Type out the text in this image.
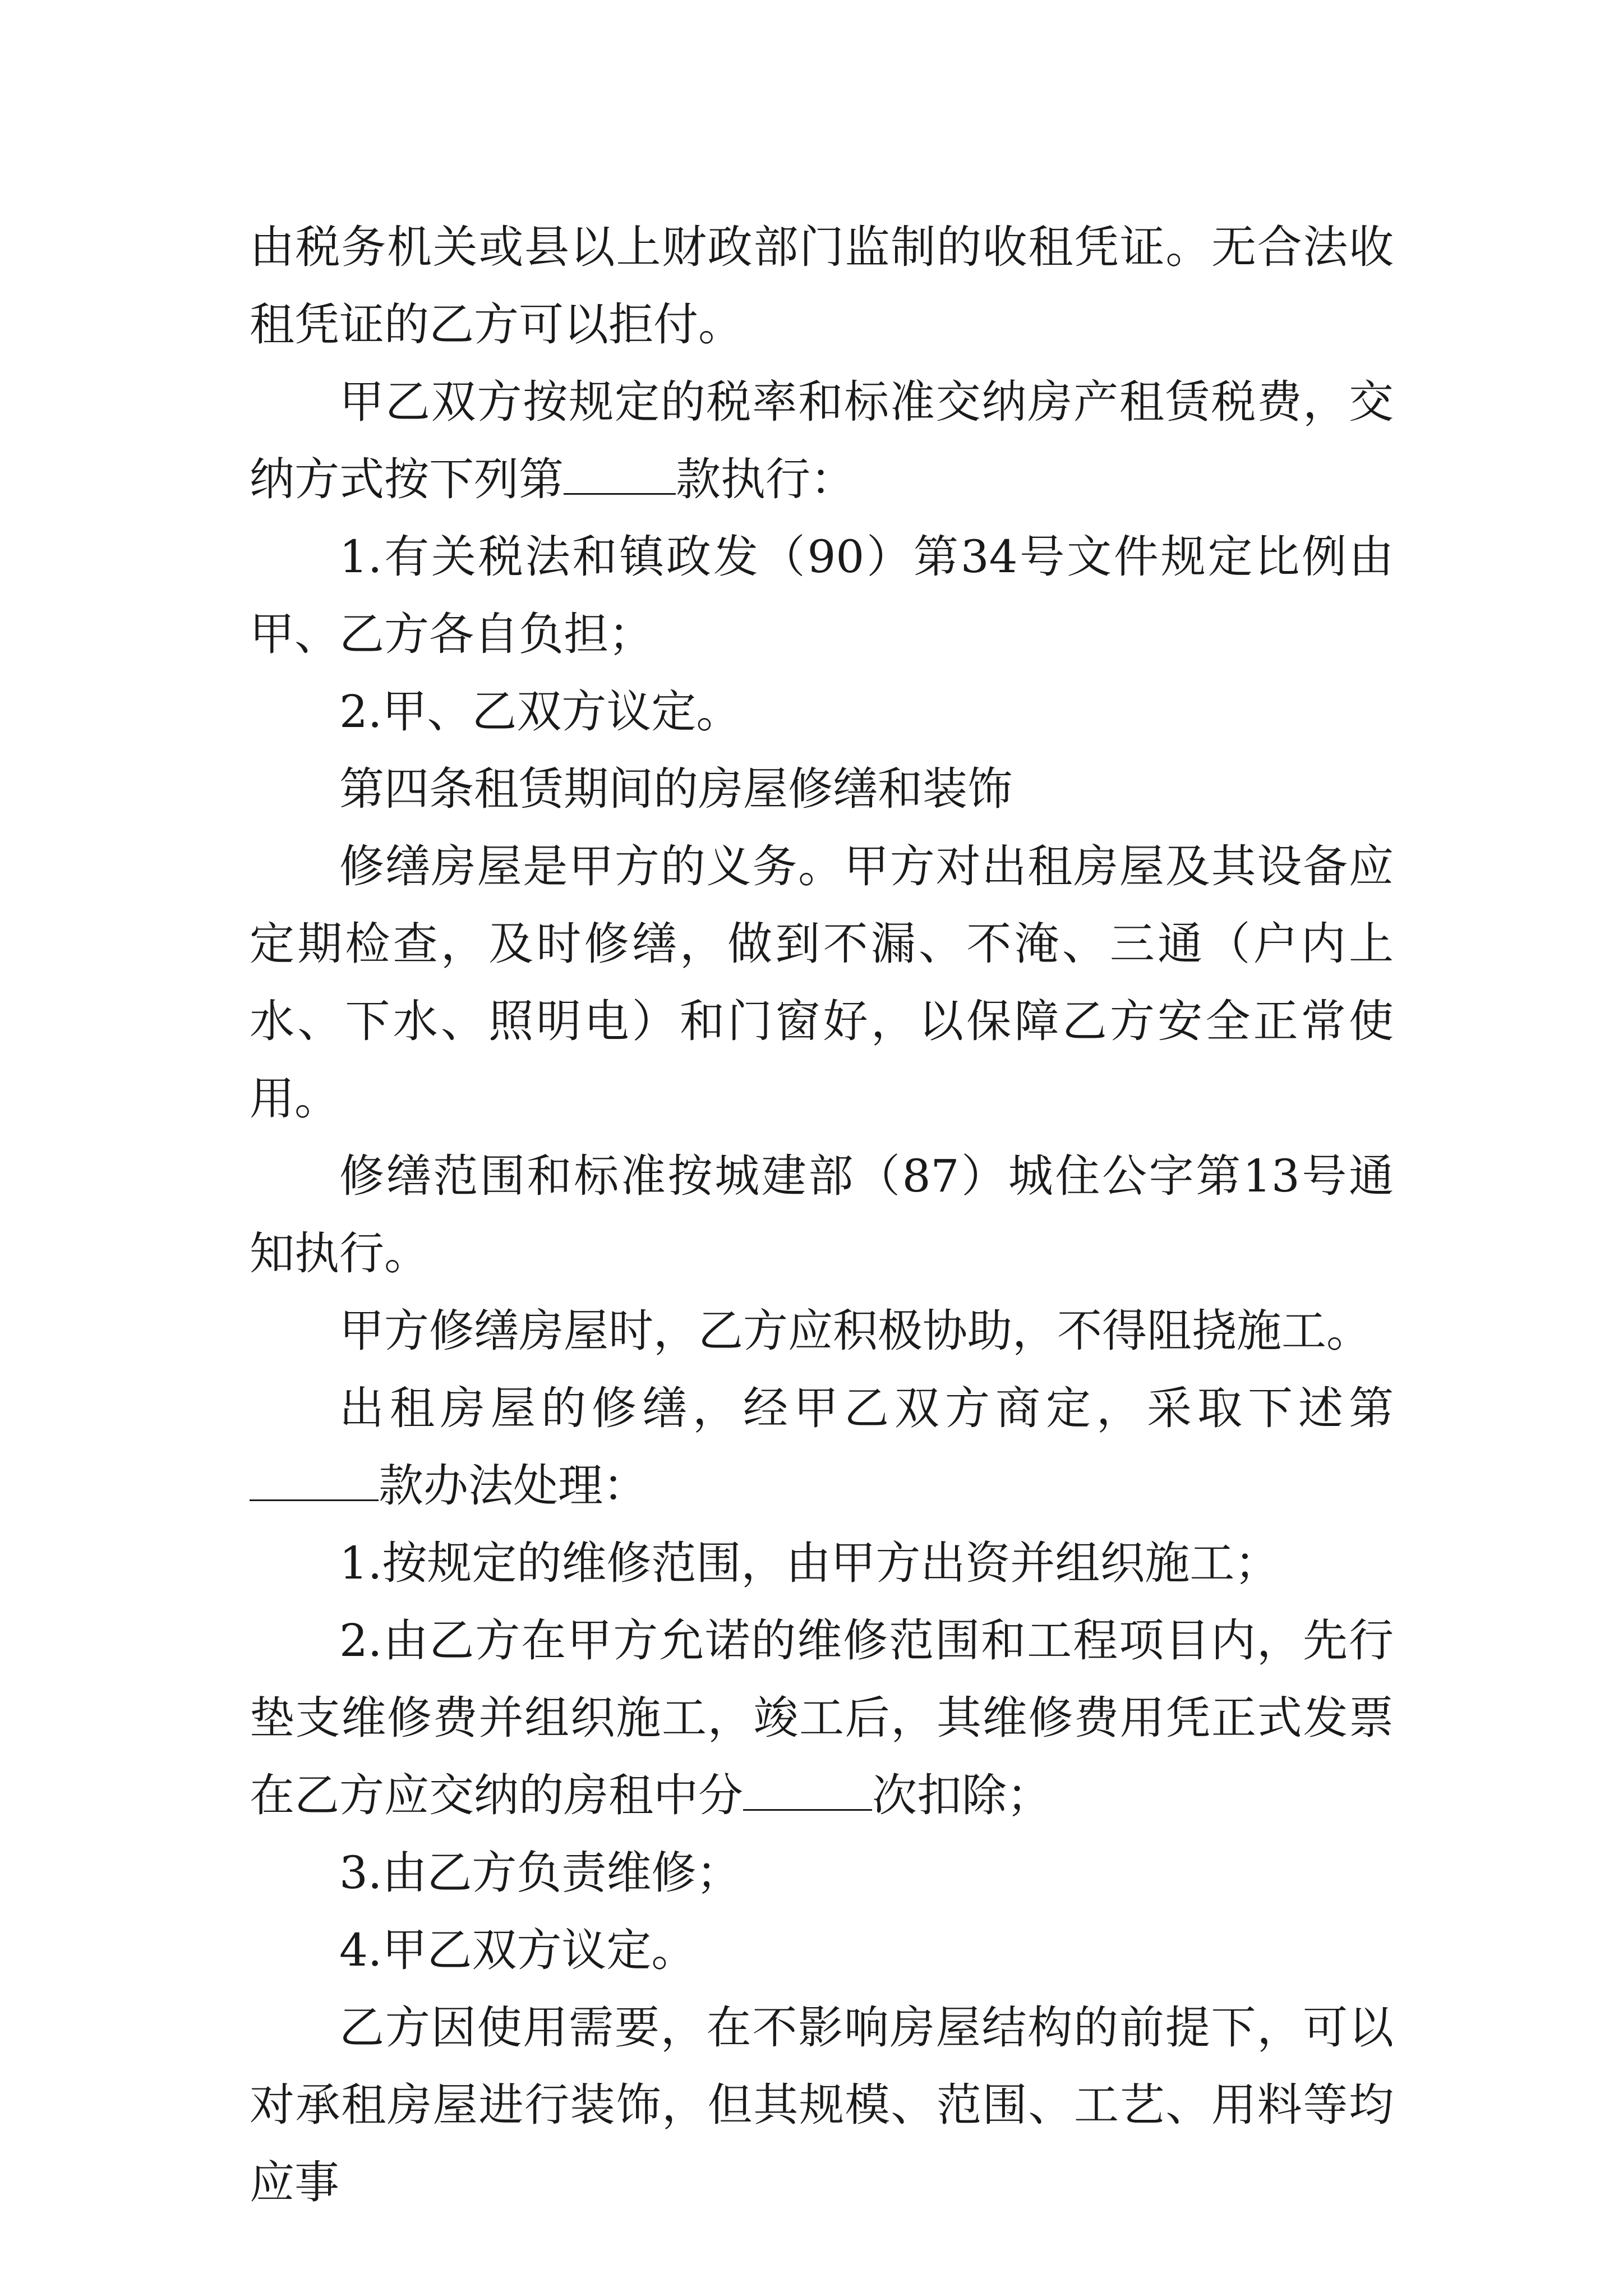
由税务机关或县以上财政部门监制的收租凭证。无合法收租凭证的乙方可以拒付。

甲乙双方按规定的税率和标准交纳房产租赁税费，交纳方式按下列第	款执行：

1.有关税法和镇政发（90）第34号文件规定比例由甲、乙方各自负担；

2.甲、乙双方议定。

第四条租赁期间的房屋修缮和装饰

修缮房屋是甲方的义务。甲方对出租房屋及其设备应定期检查，及时修缮，做到不漏、不淹、三通（户内上水、下水、照明电）和门窗好，以保障乙方安全正常使用。

修缮范围和标准按城建部（87）城住公字第13号通知执行。

甲方修缮房屋时，乙方应积极协助，不得阻挠施工。

出租房屋的修缮，经甲乙双方商定，采取下述第款办法处理：

1.按规定的维修范围，由甲方出资并组织施工；

2.由乙方在甲方允诺的维修范围和工程项目内，先行垫支维修费并组织施工，竣工后，其维修费用凭正式发票在乙方应交纳的房租中分	次扣除；

3.由乙方负责维修；

4.甲乙双方议定。

乙方因使用需要，在不影响房屋结构的前提下，可以对承租房屋进行装饰，但其规模、范围、工艺、用料等均应事
